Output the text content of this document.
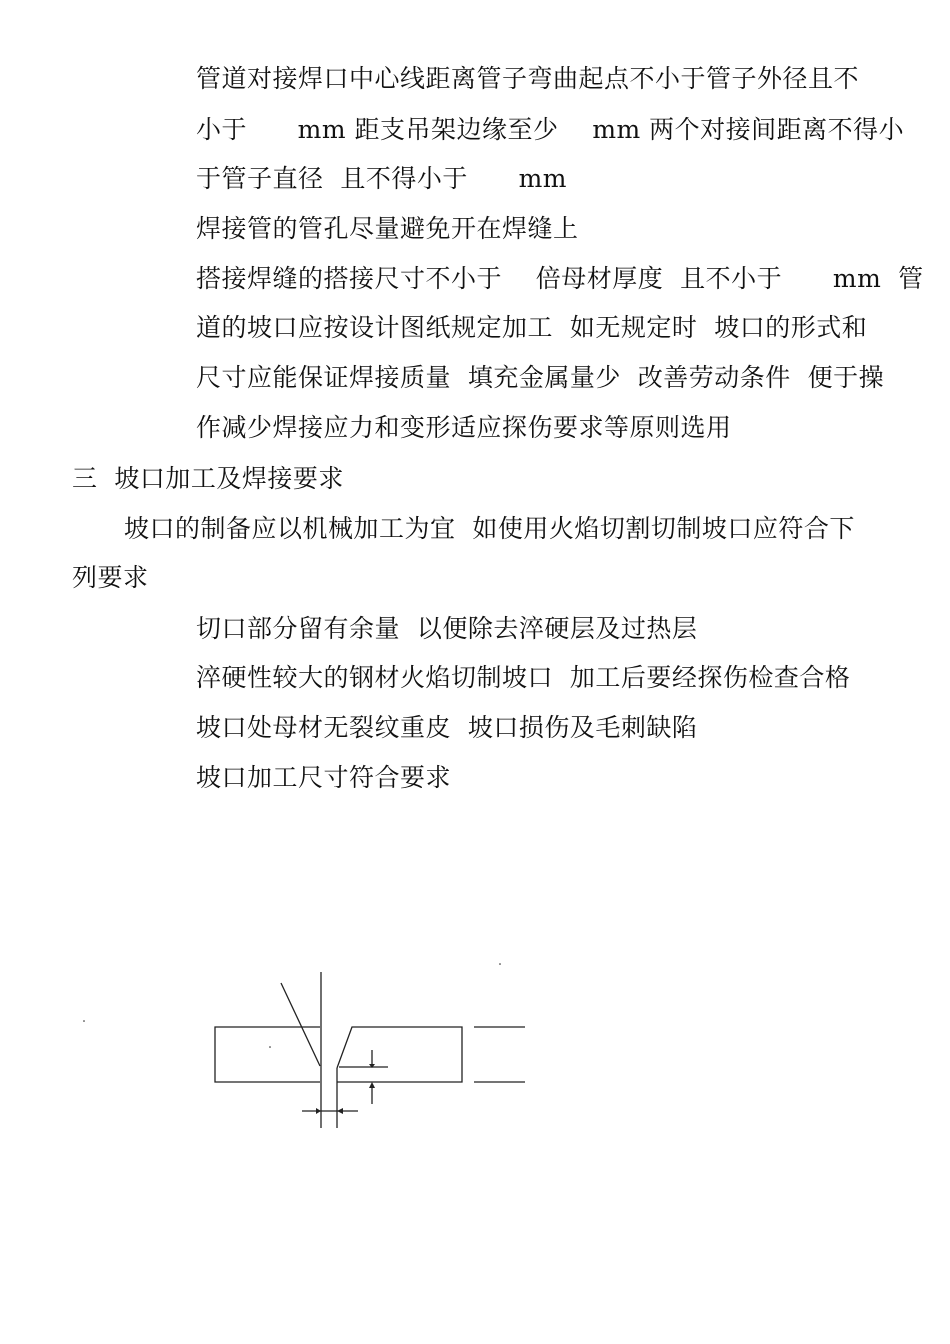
管道对接焊口中心线距离管子弯曲起点不小于管子外径且不
小于      mm 距支吊架边缘至少    mm 两个对接间距离不得小
于管子直径  且不得小于      mm
焊接管的管孔尽量避免开在焊缝上
搭接焊缝的搭接尺寸不小于    倍母材厚度  且不小于      mm  管
道的坡口应按设计图纸规定加工  如无规定时  坡口的形式和
尺寸应能保证焊接质量  填充金属量少  改善劳动条件  便于操
作减少焊接应力和变形适应探伤要求等原则选用
三  坡口加工及焊接要求
坡口的制备应以机械加工为宜  如使用火焰切割切制坡口应符合下
列要求
切口部分留有余量  以便除去淬硬层及过热层
淬硬性较大的钢材火焰切制坡口  加工后要经探伤检查合格
坡口处母材无裂纹重皮  坡口损伤及毛刺缺陷
坡口加工尺寸符合要求
